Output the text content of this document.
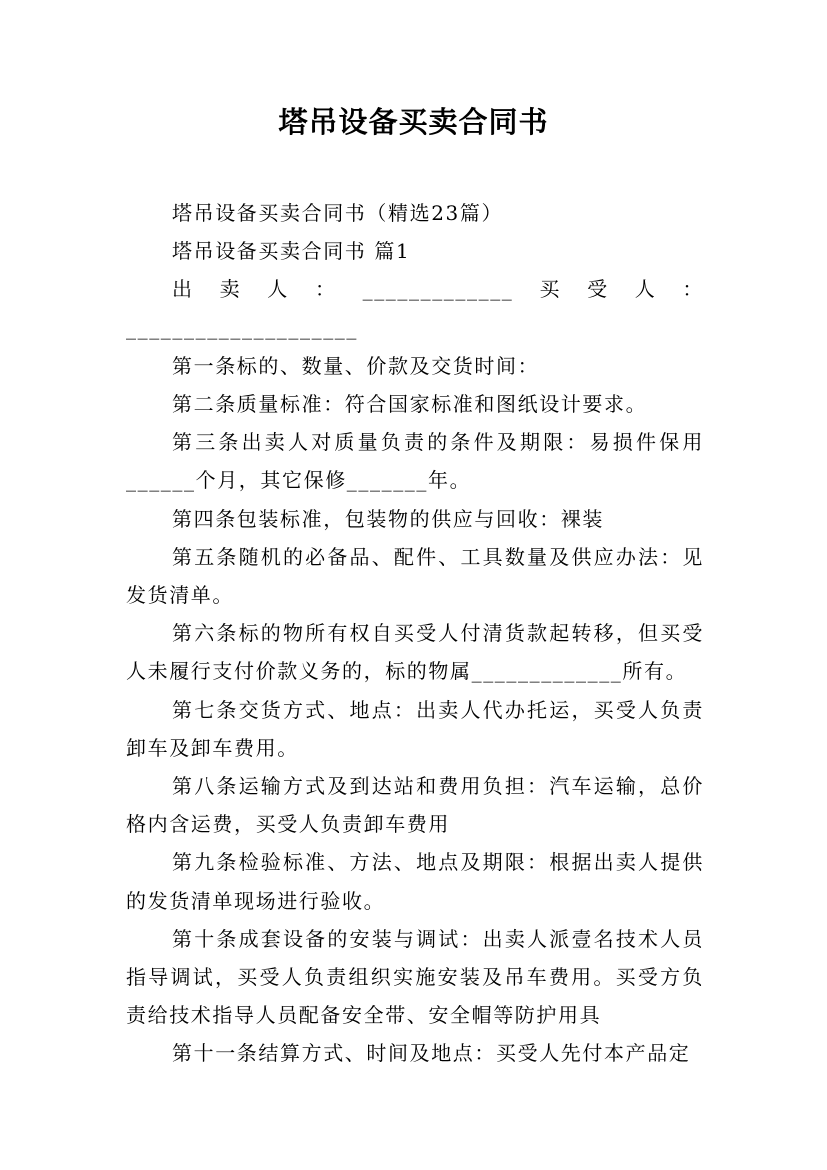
塔吊设备买卖合同书

塔吊设备买卖合同书（精选23篇）

塔吊设备买卖合同书 篇1

出卖人：_____________买受人：____________________

第一条标的、数量、价款及交货时间：

第二条质量标准：符合国家标准和图纸设计要求。

第三条出卖人对质量负责的条件及期限：易损件保用______个月，其它保修_______年。

第四条包装标准，包装物的供应与回收：裸装

第五条随机的必备品、配件、工具数量及供应办法：见发货清单。

第六条标的物所有权自买受人付清货款起转移，但买受人未履行支付价款义务的，标的物属_____________所有。

第七条交货方式、地点：出卖人代办托运，买受人负责卸车及卸车费用。

第八条运输方式及到达站和费用负担：汽车运输，总价格内含运费，买受人负责卸车费用

第九条检验标准、方法、地点及期限：根据出卖人提供的发货清单现场进行验收。

第十条成套设备的安装与调试：出卖人派壹名技术人员指导调试，买受人负责组织实施安装及吊车费用。买受方负责给技术指导人员配备安全带、安全帽等防护用具

第十一条结算方式、时间及地点：买受人先付本产品定
